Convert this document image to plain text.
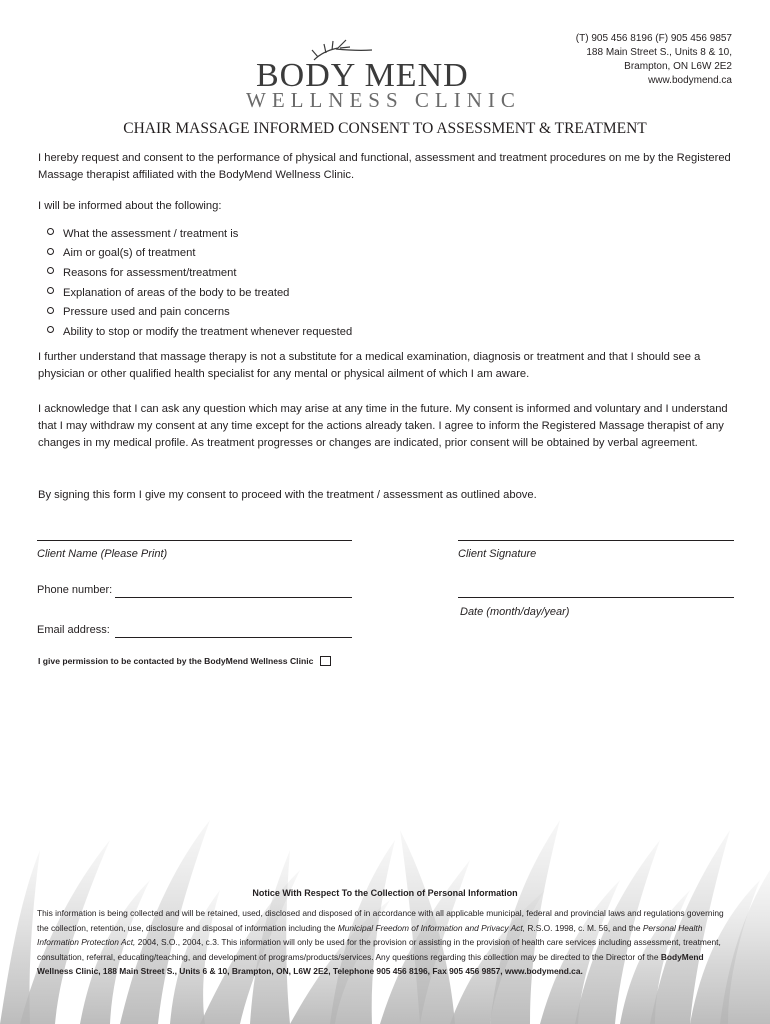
(T) 905 456 8196 (F) 905 456 9857
188 Main Street S., Units 8 & 10,
Brampton, ON L6W 2E2
www.bodymend.ca
BODY MEND
WELLNESS CLINIC
CHAIR MASSAGE INFORMED CONSENT TO ASSESSMENT & TREATMENT
I hereby request and consent to the performance of physical and functional, assessment and treatment procedures on me by the Registered Massage therapist affiliated with the BodyMend Wellness Clinic.
I will be informed about the following:
What the assessment / treatment is
Aim or goal(s) of treatment
Reasons for assessment/treatment
Explanation of areas of the body to be treated
Pressure used and pain concerns
Ability to stop or modify the treatment whenever requested
I further understand that massage therapy is not a substitute for a medical examination, diagnosis or treatment and that I should see a physician or other qualified health specialist for any mental or physical ailment of which I am aware.
I acknowledge that I can ask any question which may arise at any time in the future. My consent is informed and voluntary and I understand that I may withdraw my consent at any time except for the actions already taken. I agree to inform the Registered Massage therapist of any changes in my medical profile. As treatment progresses or changes are indicated, prior consent will be obtained by verbal agreement.
By signing this form I give my consent to proceed with the treatment / assessment as outlined above.
Client Name (Please Print)	Client Signature
Phone number:
Date (month/day/year)
Email address:
I give permission to be contacted by the BodyMend Wellness Clinic
Notice With Respect To the Collection of Personal Information
This information is being collected and will be retained, used, disclosed and disposed of in accordance with all applicable municipal, federal and provincial laws and regulations governing the collection, retention, use, disclosure and disposal of information including the Municipal Freedom of Information and Privacy Act, R.S.O. 1998, c. M. 56, and the Personal Health Information Protection Act, 2004, S.O., 2004, c.3. This information will only be used for the provision or assisting in the provision of health care services including assessment, treatment, consultation, referral, educating/teaching, and development of programs/products/services. Any questions regarding this collection may be directed to the Director of the BodyMend Wellness Clinic, 188 Main Street S., Units 6 & 10, Brampton, ON, L6W 2E2, Telephone 905 456 8196, Fax 905 456 9857, www.bodymend.ca.
